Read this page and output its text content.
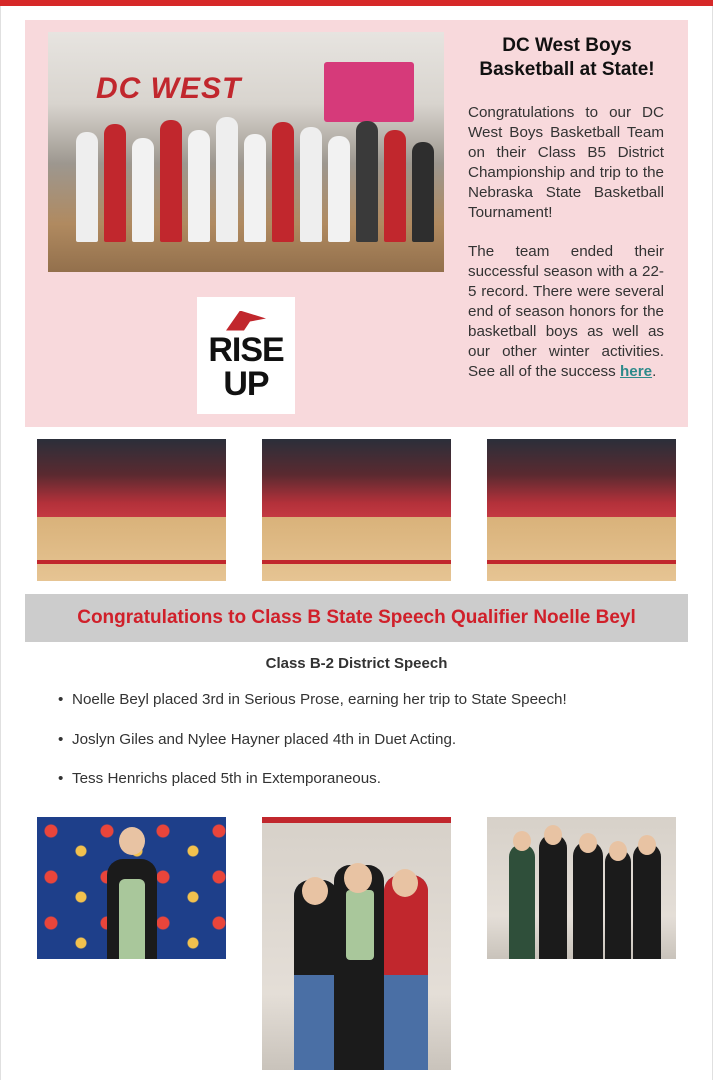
DC WEST
RISE
UP
DC West Boys Basketball at State!
Congratulations to our DC West Boys Basketball Team on their Class B5 District Championship and trip to the Nebraska State Basketball Tournament!
The team ended their successful season with a 22-5 record. There were several end of season honors for the basketball boys as well as our other winter activities. See all of the success here.
Congratulations to Class B State Speech Qualifier Noelle Beyl
Class B-2 District Speech
• Noelle Beyl placed 3rd in Serious Prose, earning her trip to State Speech!
• Joslyn Giles and Nylee Hayner placed 4th in Duet Acting.
• Tess Henrichs placed 5th in Extemporaneous.
